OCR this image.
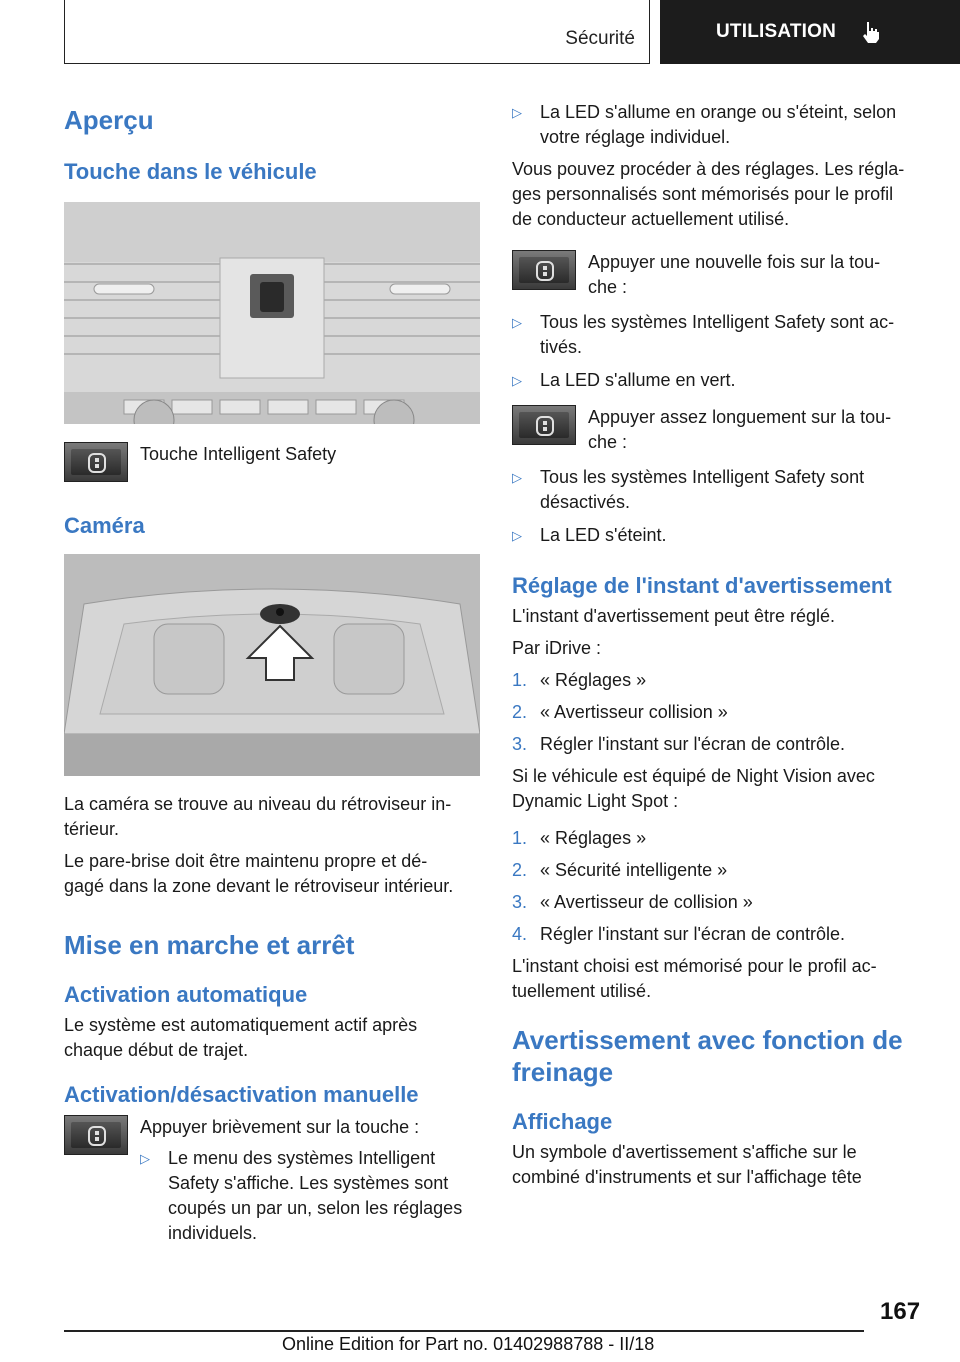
Sécurité	UTILISATION
Aperçu
Touche dans le véhicule
Touche Intelligent Safety
Caméra
La caméra se trouve au niveau du rétroviseur in-
térieur.
Le pare-brise doit être maintenu propre et dé-
gagé dans la zone devant le rétroviseur intérieur.
Mise en marche et arrêt
Activation automatique
Le système est automatiquement actif après
chaque début de trajet.
Activation/désactivation manuelle
Appuyer brièvement sur la touche :
▷	Le menu des systèmes Intelligent
Safety s'affiche. Les systèmes sont
coupés un par un, selon les réglages
individuels.
▷	La LED s'allume en orange ou s'éteint, selon
votre réglage individuel.
Vous pouvez procéder à des réglages. Les régla-
ges personnalisés sont mémorisés pour le profil
de conducteur actuellement utilisé.
Appuyer une nouvelle fois sur la tou-
che :
▷	Tous les systèmes Intelligent Safety sont ac-
tivés.
▷	La LED s'allume en vert.
Appuyer assez longuement sur la tou-
che :
▷	Tous les systèmes Intelligent Safety sont
désactivés.
▷	La LED s'éteint.
Réglage de l'instant d'avertissement
L'instant d'avertissement peut être réglé.
Par iDrive :
1. « Réglages »
2. « Avertisseur collision »
3. Régler l'instant sur l'écran de contrôle.
Si le véhicule est équipé de Night Vision avec
Dynamic Light Spot :
1. « Réglages »
2. « Sécurité intelligente »
3. « Avertisseur de collision »
4. Régler l'instant sur l'écran de contrôle.
L'instant choisi est mémorisé pour le profil ac-
tuellement utilisé.
Avertissement avec fonction de
freinage
Affichage
Un symbole d'avertissement s'affiche sur le
combiné d'instruments et sur l'affichage tête
167
Online Edition for Part no. 01402988788 - II/18
